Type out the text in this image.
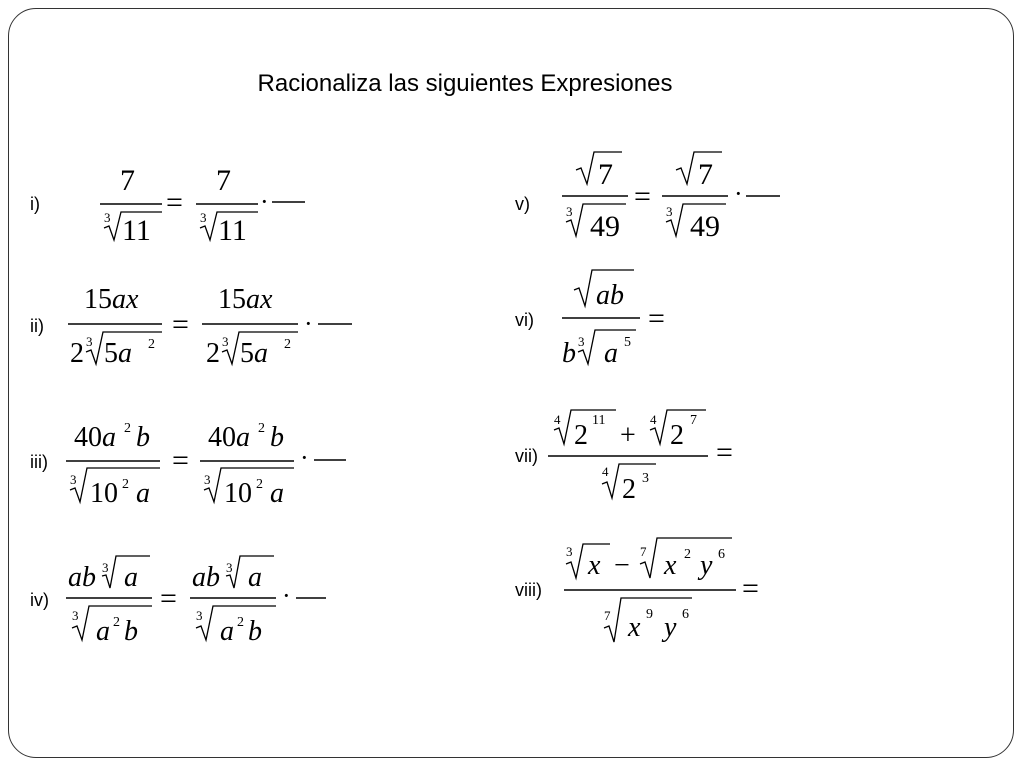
Racionaliza las siguientes Expresiones
i)
ii)
iii)
iv)
v)
vi)
vii)
viii)
7
3 11
=
7
3 11
·
15ax
2 3 5a 2
=
15ax
2 3 5a 2
·
40a 2 b
3 10 2 a
=
40a 2 b
3 10 2 a
·
ab 3 a
3
a 2 b
=
ab 3 a
3
a 2 b
·
7
3 49
=
7
3 49
·
ab
b 3 a 5
=
4
2 11 +
4
2 7
4
2 3
=
3 x − 7 x 2 y 6
7 x 9 y 6
=
